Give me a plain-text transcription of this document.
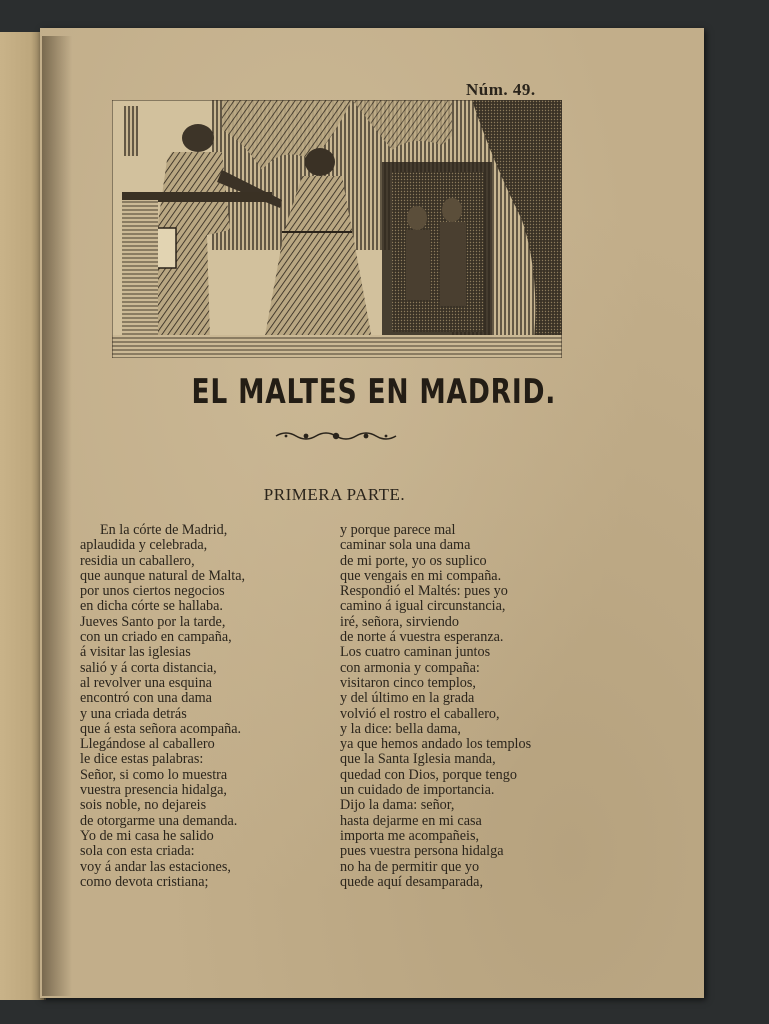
Núm. 49.
EL MALTES EN MADRID.
PRIMERA PARTE.
En la córte de Madrid,
aplaudida y celebrada,
residia un caballero,
que aunque natural de Malta,
por unos ciertos negocios
en dicha córte se hallaba.
Jueves Santo por la tarde,
con un criado en campaña,
á visitar las iglesias
salió y á corta distancia,
al revolver una esquina
encontró con una dama
y una criada detrás
que á esta señora acompaña.
Llegándose al caballero
le dice estas palabras:
Señor, si como lo muestra
vuestra presencia hidalga,
sois noble, no dejareis
de otorgarme una demanda.
Yo de mi casa he salido
sola con esta criada:
voy á andar las estaciones,
como devota cristiana;
y porque parece mal
caminar sola una dama
de mi porte, yo os suplico
que vengais en mi compaña.
Respondió el Maltés: pues yo
camino á igual circunstancia,
iré, señora, sirviendo
de norte á vuestra esperanza.
Los cuatro caminan juntos
con armonia y compaña:
visitaron cinco templos,
y del último en la grada
volvió el rostro el caballero,
y la dice: bella dama,
ya que hemos andado los templos
que la Santa Iglesia manda,
quedad con Dios, porque tengo
un cuidado de importancia.
Dijo la dama: señor,
hasta dejarme en mi casa
importa me acompañeis,
pues vuestra persona hidalga
no ha de permitir que yo
quede aquí desamparada,
